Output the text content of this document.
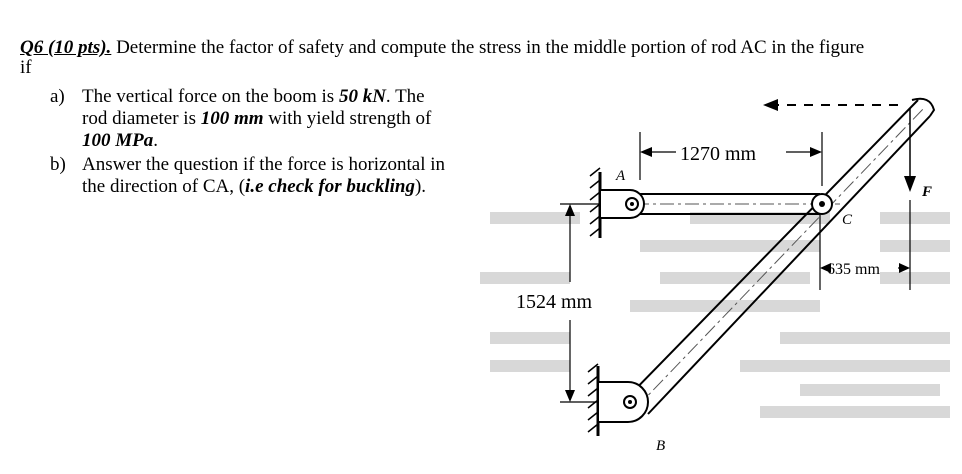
Q6 (10 pts). Determine the factor of safety and compute the stress in the middle portion of rod AC in the figure
if
a) The vertical force on the boom is 50 kN. The
rod diameter is 100 mm with yield strength of
100 MPa.
b) Answer the question if the force is horizontal in
the direction of CA, (i.e check for buckling).
1270 mm
1524 mm
635 mm
A
B
C
F
